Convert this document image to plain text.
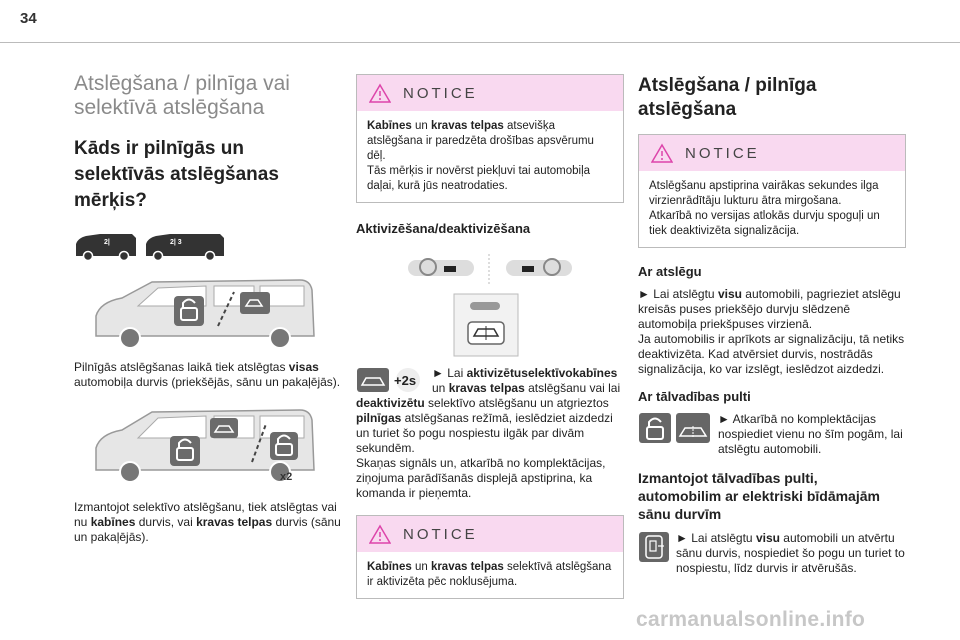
34
Atslēgšana / pilnīga vai selektīvā atslēgšana
Kāds ir pilnīgās un selektīvās atslēgšanas mērķis?
2|	2| 3

Pilnīgās atslēgšanas laikā tiek atslēgtas visas automobiļa durvis (priekšējās, sānu un pakaļējās).

x2

Izmantojot selektīvo atslēgšanu, tiek atslēgtas vai nu kabīnes durvis, vai kravas telpas durvis (sānu un pakaļējās).

NOTICE
Kabīnes un kravas telpas atsevišķa atslēgšana ir paredzēta drošības apsvērumu dēļ.
Tās mērķis ir novērst piekļuvi tai automobiļa daļai, kurā jūs neatrodaties.
Aktivizēšana/deaktivizēšana
+2s	► Lai aktivizētuselektīvokabīnes un kravas telpas atslēgšanu vai lai deaktivizētu selektīvo atslēgšanu un atgrieztos pilnīgas atslēgšanas režīmā, ieslēdziet aizdedzi un turiet šo pogu nospiestu ilgāk par divām sekundēm.

Skaņas signāls un, atkarībā no komplektācijas, ziņojuma parādīšanās displejā apstiprina, ka komanda ir pieņemta.

NOTICE
Kabīnes un kravas telpas selektīvā atslēgšana ir aktivizēta pēc noklusējuma.
Atslēgšana / pilnīga atslēgšana
NOTICE
Atslēgšanu apstiprina vairākas sekundes ilga virzienrādītāju lukturu ātra mirgošana.
Atkarībā no versijas atlokās durvju spoguļi un tiek deaktivizēta signalizācija.
Ar atslēgu

► Lai atslēgtu visu automobili, pagrieziet atslēgu kreisās puses priekšējo durvju slēdzenē automobiļa priekšpuses virzienā.

Ja automobilis ir aprīkots ar signalizāciju, tā netiks deaktivizēta. Kad atvērsiet durvis, nostrādās signalizācija, ko var izslēgt, ieslēdzot aizdedzi.

Ar tālvadības pulti

► Atkarībā no komplektācijas nospiediet vienu no šīm pogām, lai atslēgtu automobili.

Izmantojot tālvadības pulti, automobilim ar elektriski bīdāmajām sānu durvīm

► Lai atslēgtu visu automobili un atvērtu sānu durvis, nospiediet šo pogu un turiet to nospiestu, līdz durvis ir atvērušās.

carmanualsonline.info
